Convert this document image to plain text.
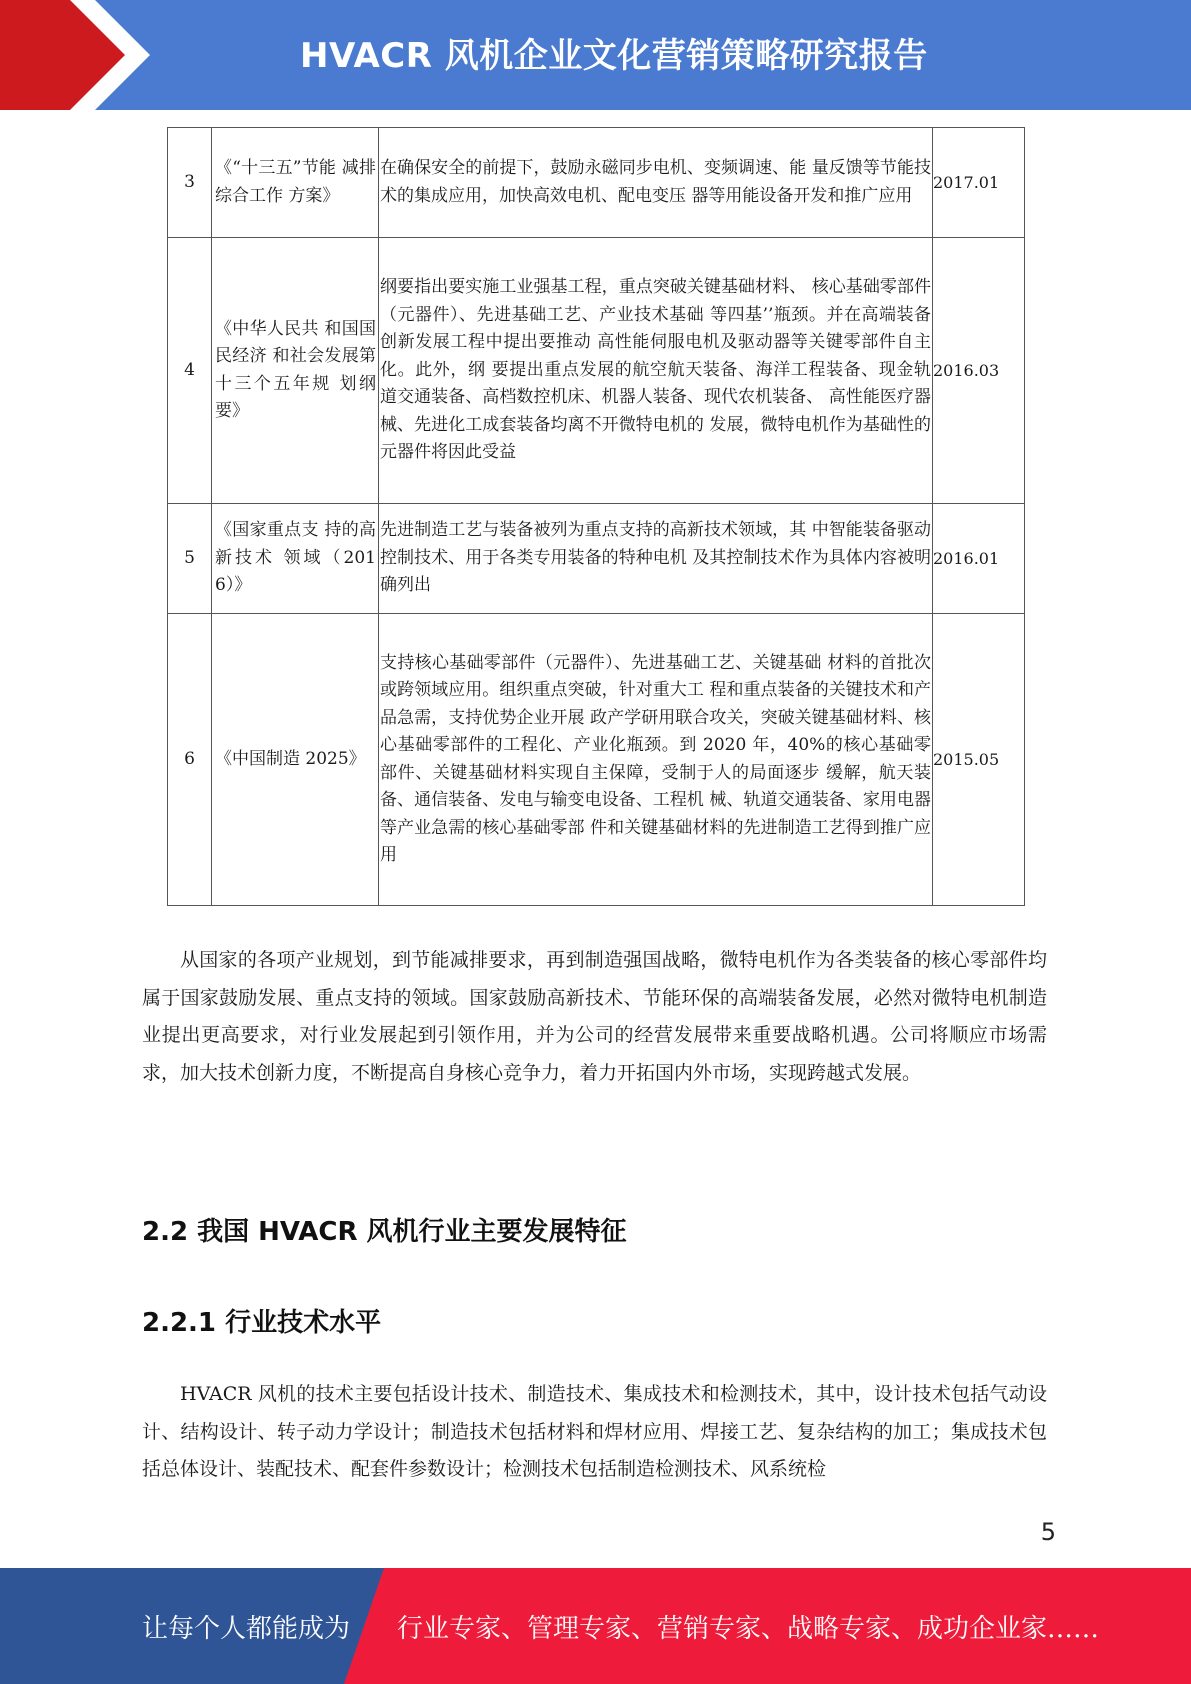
HVACR 风机企业文化营销策略研究报告
3	《“十三五”节能 减排综合工作 方案》	在确保安全的前提下，鼓励永磁同步电机、变频调速、能 量反馈等节能技术的集成应用，加快高效电机、配电变压 器等用能设备开发和推广应用	2017.01
4	《中华人民共 和国国民经济 和社会发展第 十三个五年规 划纲要》	纲要指出要实施工业强基工程，重点突破关键基础材料、 核心基础零部件（元器件）、先进基础工艺、产业技术基础 等四基’’瓶颈。并在高端装备创新发展工程中提出要推动 高性能伺服电机及驱动器等关键零部件自主化。此外，纲 要提出重点发展的航空航天装备、海洋工程装备、现金轨 道交通装备、高档数控机床、机器人装备、现代农机装备、 高性能医疗器械、先进化工成套装备均离不开微特电机的 发展，微特电机作为基础性的元器件将因此受益	2016.03
5	《国家重点支 持的高新技术 领域（2016）》	先进制造工艺与装备被列为重点支持的高新技术领域，其 中智能装备驱动控制技术、用于各类专用装备的特种电机 及其控制技术作为具体内容被明确列出	2016.01
6	《中国制造 2025》	支持核心基础零部件（元器件）、先进基础工艺、关键基础 材料的首批次或跨领域应用。组织重点突破，针对重大工 程和重点装备的关键技术和产品急需，支持优势企业开展 政产学研用联合攻关，突破关键基础材料、核心基础零部件的工程化、产业化瓶颈。到 2020 年，40%的核心基础零 部件、关键基础材料实现自主保障，受制于人的局面逐步 缓解，航天装备、通信装备、发电与输变电设备、工程机 械、轨道交通装备、家用电器等产业急需的核心基础零部 件和关键基础材料的先进制造工艺得到推广应用	2015.05

从国家的各项产业规划，到节能减排要求，再到制造强国战略，微特电机作为各类装备的核心零部件均属于国家鼓励发展、重点支持的领域。国家鼓励高新技术、节能环保的高端装备发展，必然对微特电机制造业提出更高要求，对行业发展起到引领作用，并为公司的经营发展带来重要战略机遇。公司将顺应市场需求，加大技术创新力度，不断提高自身核心竞争力，着力开拓国内外市场，实现跨越式发展。

2.2 我国 HVACR 风机行业主要发展特征
2.2.1 行业技术水平

HVACR 风机的技术主要包括设计技术、制造技术、集成技术和检测技术，其中，设计技术包括气动设计、结构设计、转子动力学设计；制造技术包括材料和焊材应用、焊接工艺、复杂结构的加工；集成技术包括总体设计、装配技术、配套件参数设计；检测技术包括制造检测技术、风系统检

5
让每个人都能成为 行业专家、管理专家、营销专家、战略专家、成功企业家……
